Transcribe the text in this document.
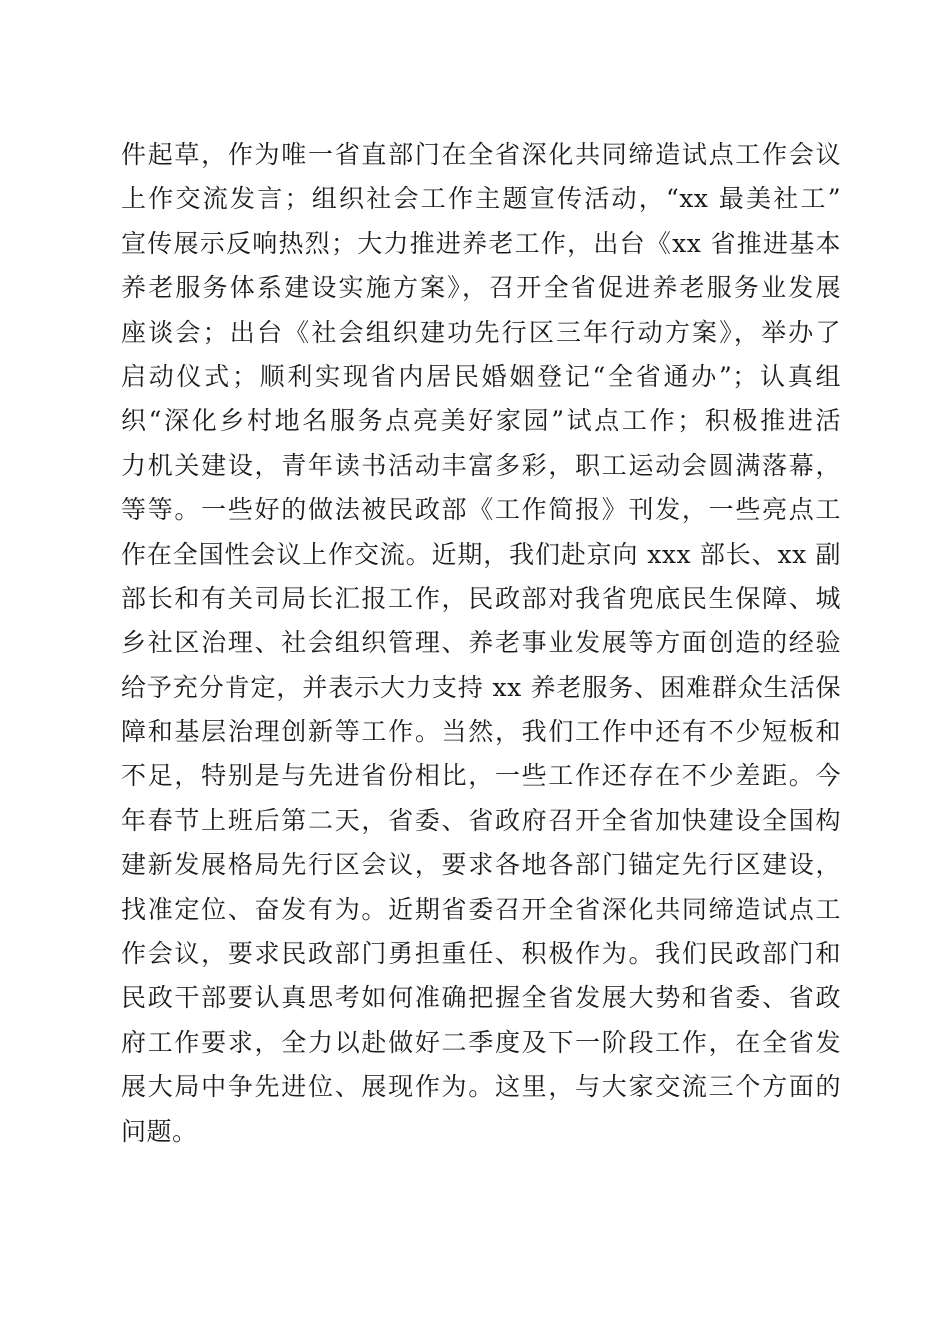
件起草，作为唯一省直部门在全省深化共同缔造试点工作会议
上作交流发言；组织社会工作主题宣传活动，“xx 最美社工”
宣传展示反响热烈；大力推进养老工作，出台《xx 省推进基本
养老服务体系建设实施方案》，召开全省促进养老服务业发展
座谈会；出台《社会组织建功先行区三年行动方案》，举办了
启动仪式；顺利实现省内居民婚姻登记“全省通办”；认真组
织“深化乡村地名服务点亮美好家园”试点工作；积极推进活
力机关建设，青年读书活动丰富多彩，职工运动会圆满落幕，
等等。一些好的做法被民政部《工作简报》刊发，一些亮点工
作在全国性会议上作交流。近期，我们赴京向 xxx 部长、xx 副
部长和有关司局长汇报工作，民政部对我省兜底民生保障、城
乡社区治理、社会组织管理、养老事业发展等方面创造的经验
给予充分肯定，并表示大力支持 xx 养老服务、困难群众生活保
障和基层治理创新等工作。当然，我们工作中还有不少短板和
不足，特别是与先进省份相比，一些工作还存在不少差距。今
年春节上班后第二天，省委、省政府召开全省加快建设全国构
建新发展格局先行区会议，要求各地各部门锚定先行区建设，
找准定位、奋发有为。近期省委召开全省深化共同缔造试点工
作会议，要求民政部门勇担重任、积极作为。我们民政部门和
民政干部要认真思考如何准确把握全省发展大势和省委、省政
府工作要求，全力以赴做好二季度及下一阶段工作，在全省发
展大局中争先进位、展现作为。这里，与大家交流三个方面的
问题。
